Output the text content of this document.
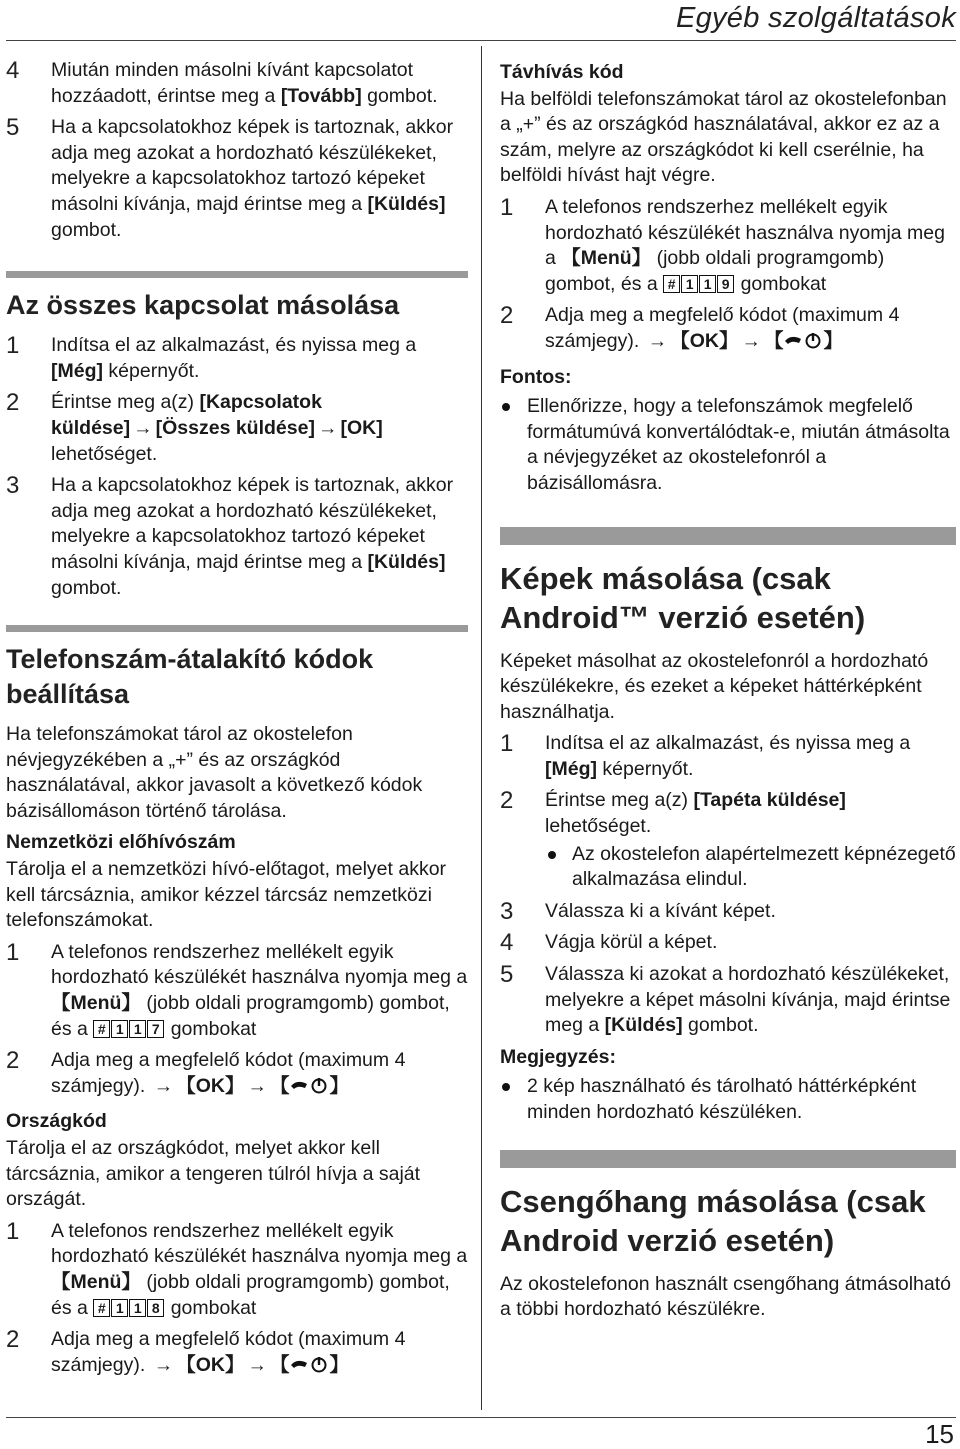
Egyéb szolgáltatások
4 Miután minden másolni kívánt kapcsolatot hozzáadott, érintse meg a [Tovább] gombot.
5 Ha a kapcsolatokhoz képek is tartoznak, akkor adja meg azokat a hordozható készülékeket, melyekre a kapcsolatokhoz tartozó képeket másolni kívánja, majd érintse meg a [Küldés] gombot.
Az összes kapcsolat másolása
1 Indítsa el az alkalmazást, és nyissa meg a [Még] képernyőt.
2 Érintse meg a(z) [Kapcsolatok küldése] → [Összes küldése] → [OK] lehetőséget.
3 Ha a kapcsolatokhoz képek is tartoznak, akkor adja meg azokat a hordozható készülékeket, melyekre a kapcsolatokhoz tartozó képeket másolni kívánja, majd érintse meg a [Küldés] gombot.
Telefonszám-átalakító kódok beállítása

Ha telefonszámokat tárol az okostelefon névjegyzékében a „+” és az országkód használatával, akkor javasolt a következő kódok bázisállomáson történő tárolása.

Nemzetközi előhívószám

Tárolja el a nemzetközi hívó-előtagot, melyet akkor kell tárcsáznia, amikor kézzel tárcsáz nemzetközi telefonszámokat.

1 A telefonos rendszerhez mellékelt egyik hordozható készülékét használva nyomja meg a 【Menü】 (jobb oldali programgomb) gombot, és a # 1 1 7 gombokat
2 Adja meg a megfelelő kódot (maximum 4 számjegy). → 【OK】 → 【 】
Országkód

Tárolja el az országkódot, melyet akkor kell tárcsáznia, amikor a tengeren túlról hívja a saját országát.

1 A telefonos rendszerhez mellékelt egyik hordozható készülékét használva nyomja meg a 【Menü】 (jobb oldali programgomb) gombot, és a # 1 1 8 gombokat
2 Adja meg a megfelelő kódot (maximum 4 számjegy). → 【OK】 → 【 】
Távhívás kód

Ha belföldi telefonszámokat tárol az okostelefonban a „+” és az országkód használatával, akkor ez az a szám, melyre az országkódot ki kell cserélnie, ha belföldi hívást hajt végre.

1 A telefonos rendszerhez mellékelt egyik hordozható készülékét használva nyomja meg a 【Menü】 (jobb oldali programgomb) gombot, és a # 1 1 9 gombokat
2 Adja meg a megfelelő kódot (maximum 4 számjegy). → 【OK】 → 【 】
Fontos:
Ellenőrizze, hogy a telefonszámok megfelelő formátumúvá konvertálódtak-e, miután átmásolta a névjegyzéket az okostelefonról a bázisállomásra.
Képek másolása (csak Android™ verzió esetén)

Képeket másolhat az okostelefonról a hordozható készülékekre, és ezeket a képeket háttérképként használhatja.

1 Indítsa el az alkalmazást, és nyissa meg a [Még] képernyőt.
2 Érintse meg a(z) [Tapéta küldése] lehetőséget.
Az okostelefon alapértelmezett képnézegető alkalmazása elindul.
3 Válassza ki a kívánt képet.
4 Vágja körül a képet.
5 Válassza ki azokat a hordozható készülékeket, melyekre a képet másolni kívánja, majd érintse meg a [Küldés] gombot.
Megjegyzés:
2 kép használható és tárolható háttérképként minden hordozható készüléken.
Csengőhang másolása (csak Android verzió esetén)

Az okostelefonon használt csengőhang átmásolható a többi hordozható készülékre.

15
